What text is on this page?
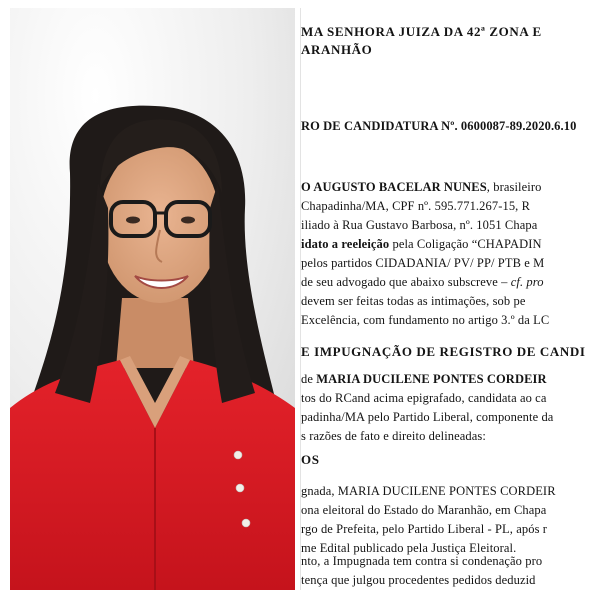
MA SENHORA JUIZA DA 42ª ZONA E
ARANHÃO
RO DE CANDIDATURA Nº. 0600087-89.2020.6.10
O AUGUSTO BACELAR NUNES, brasileiro
Chapadinha/MA, CPF nº. 595.771.267-15, R
iliado à Rua Gustavo Barbosa, nº. 1051 Chapa
idato a reeleição pela Coligação “CHAPADIN
pelos partidos CIDADANIA/ PV/ PP/ PTB e M
de seu advogado que abaixo subscreve – cf. pro
devem ser feitas todas as intimações, sob pe
Excelência, com fundamento no artigo 3.º da LC
E IMPUGNAÇÃO DE REGISTRO DE CANDI
de MARIA DUCILENE PONTES CORDEIR
tos do RCand acima epigrafado, candidata ao ca
padinha/MA pelo Partido Liberal, componente da
s razões de fato e direito delineadas:
OS
gnada, MARIA DUCILENE PONTES CORDEIR
ona eleitoral do Estado do Maranhão, em Chapa
rgo de Prefeita, pelo Partido Liberal - PL, após r
me Edital publicado pela Justiça Eleitoral.
nto, a Impugnada tem contra si condenação pro
tença que julgou procedentes pedidos deduzid
